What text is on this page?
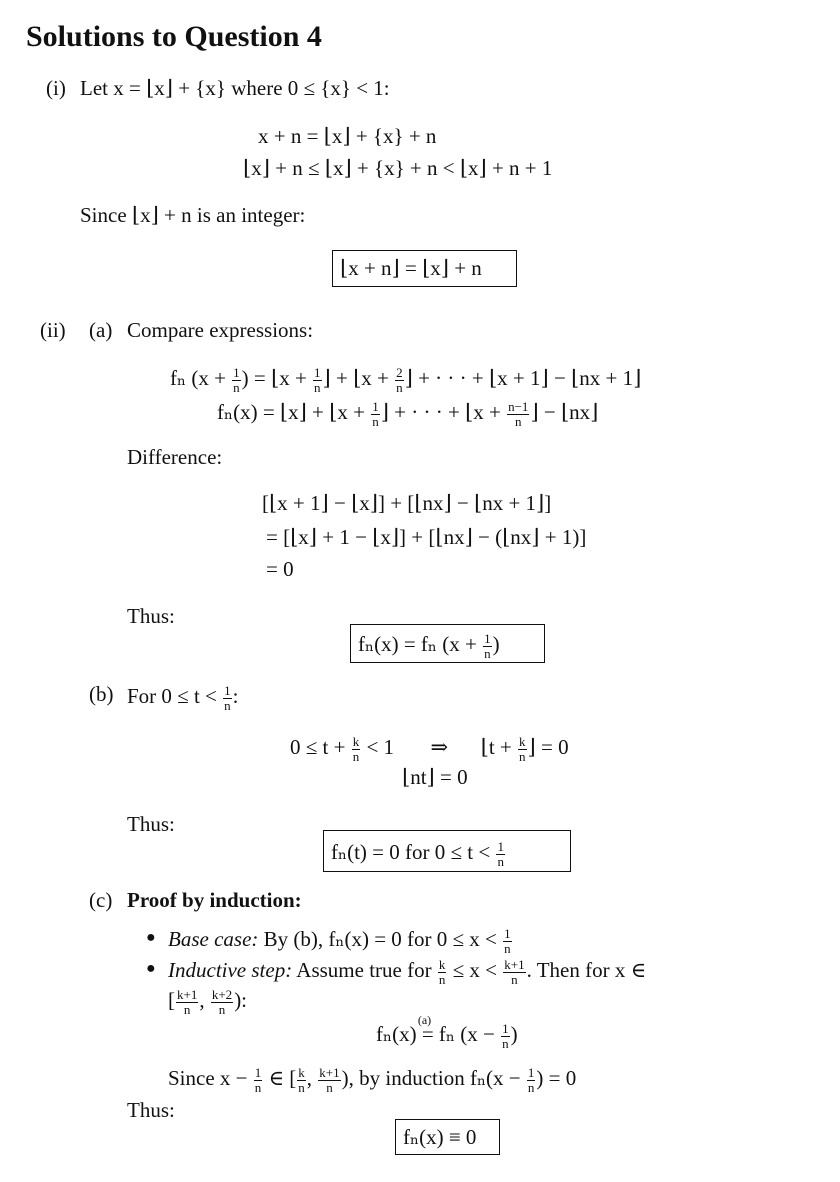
Solutions to Question 4
(i) Let x = ⌊x⌋ + {x} where 0 ≤ {x} < 1:
x + n = ⌊x⌋ + {x} + n
⌊x⌋ + n ≤ ⌊x⌋ + {x} + n < ⌊x⌋ + n + 1
Since ⌊x⌋ + n is an integer:
⌊x + n⌋ = ⌊x⌋ + n
(ii) (a) Compare expressions:
fₙ ($x + \frac{1}{n}$ ) = ⌊x + $\frac{1}{n}$ ⌋ + ⌊x + $\frac{2}{n}$ ⌋ + · · · + ⌊x + 1⌋ − ⌊nx + 1⌋
fₙ(x) = ⌊x⌋ + ⌊x + $\frac{1}{n}$ ⌋ + · · · + ⌊x + $\frac{n-1}{n}$ ⌋ − ⌊nx⌋
Difference:
[⌊x + 1⌋ − ⌊x⌋] + [⌊nx⌋ − ⌊nx + 1⌋]
= [⌊x⌋ + 1 − ⌊x⌋] + [⌊nx⌋ − (⌊nx⌋ + 1)]
= 0
Thus:
fₙ(x) = fₙ ($x + \frac{1}{n}$ )
(b) For $0 \le t < \frac{1}{n}$ :
$0 \le t + \frac{k}{n} < 1$ ⇒ ⌊t + $\frac{k}{n}$ ⌋ = 0
⌊nt⌋ = 0
Thus:
fₙ(t) = 0 for $0 \le t < \frac{1}{n}$
(c) Proof by induction:
● Base case: By (b), fₙ(x) = 0 for $0 \le x < \frac{1}{n}$
● Inductive step: Assume true for $\frac{k}{n} \le x < \frac{k+1}{n}$ . Then for x ∈
[ $\frac{k+1}{n}$ , $\frac{k+2}{n}$ ):
fₙ(x)
(a)
= fₙ ($x - \frac{1}{n}$ )
Since $x - \frac{1}{n}$ ∈ [ $\frac{k}{n}$ , $\frac{k+1}{n}$ ), by induction $f_n(x - \frac{1}{n}$ ) = 0
Thus:
fₙ(x) ≡ 0
